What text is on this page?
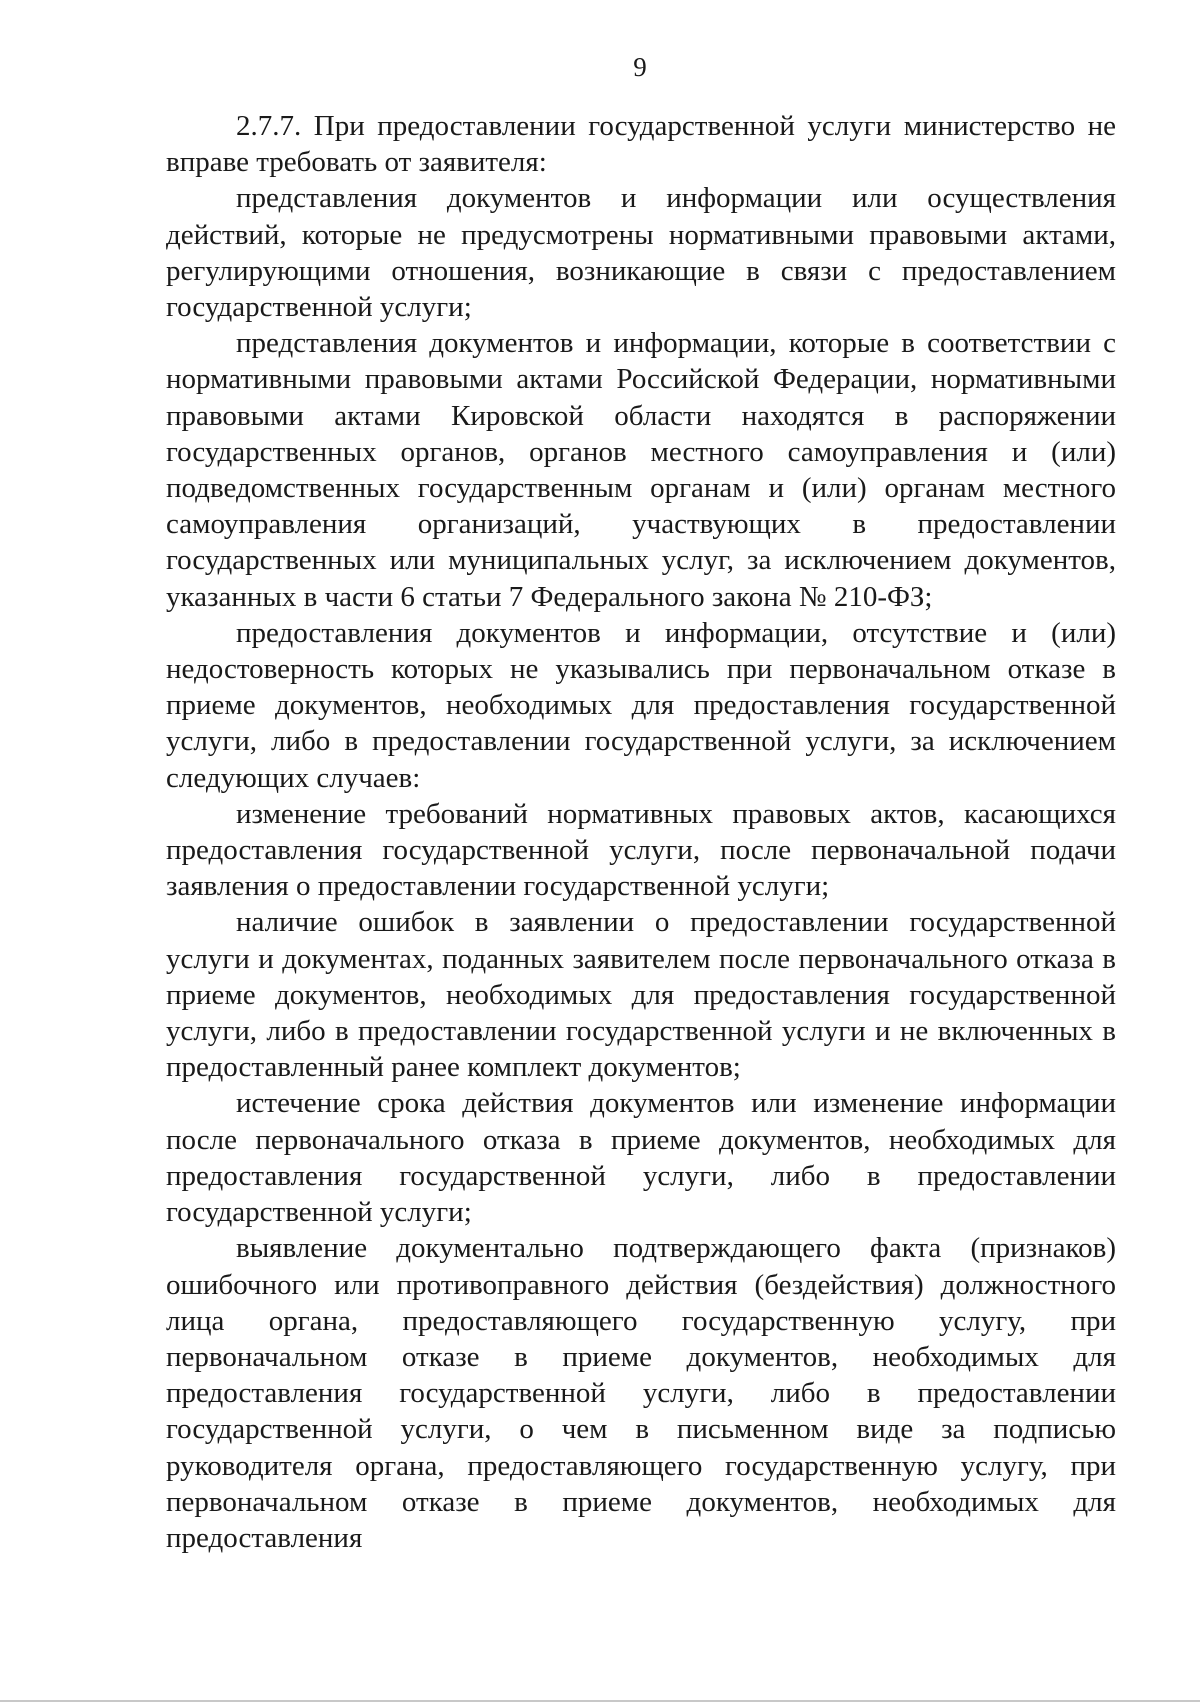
9

2.7.7. При предоставлении государственной услуги министерство не вправе требовать от заявителя:

представления документов и информации или осуществления действий, которые не предусмотрены нормативными правовыми актами, регулирующими отношения, возникающие в связи с предоставлением государственной услуги;

представления документов и информации, которые в соответствии с нормативными правовыми актами Российской Федерации, нормативными правовыми актами Кировской области находятся в распоряжении государственных органов, органов местного самоуправления и (или) подведомственных государственным органам и (или) органам местного самоуправления организаций, участвующих в предоставлении государственных или муниципальных услуг, за исключением документов, указанных в части 6 статьи 7 Федерального закона № 210-ФЗ;

предоставления документов и информации, отсутствие и (или) недостоверность которых не указывались при первоначальном отказе в приеме документов, необходимых для предоставления государственной услуги, либо в предоставлении государственной услуги, за исключением следующих случаев:

изменение требований нормативных правовых актов, касающихся предоставления государственной услуги, после первоначальной подачи заявления о предоставлении государственной услуги;

наличие ошибок в заявлении о предоставлении государственной услуги и документах, поданных заявителем после первоначального отказа в приеме документов, необходимых для предоставления государственной услуги, либо в предоставлении государственной услуги и не включенных в предоставленный ранее комплект документов;

истечение срока действия документов или изменение информации после первоначального отказа в приеме документов, необходимых для предоставления государственной услуги, либо в предоставлении государственной услуги;

выявление документально подтверждающего факта (признаков) ошибочного или противоправного действия (бездействия) должностного лица органа, предоставляющего государственную услугу, при первоначальном отказе в приеме документов, необходимых для предоставления государственной услуги, либо в предоставлении государственной услуги, о чем в письменном виде за подписью руководителя органа, предоставляющего государственную услугу, при первоначальном отказе в приеме документов, необходимых для предоставления
